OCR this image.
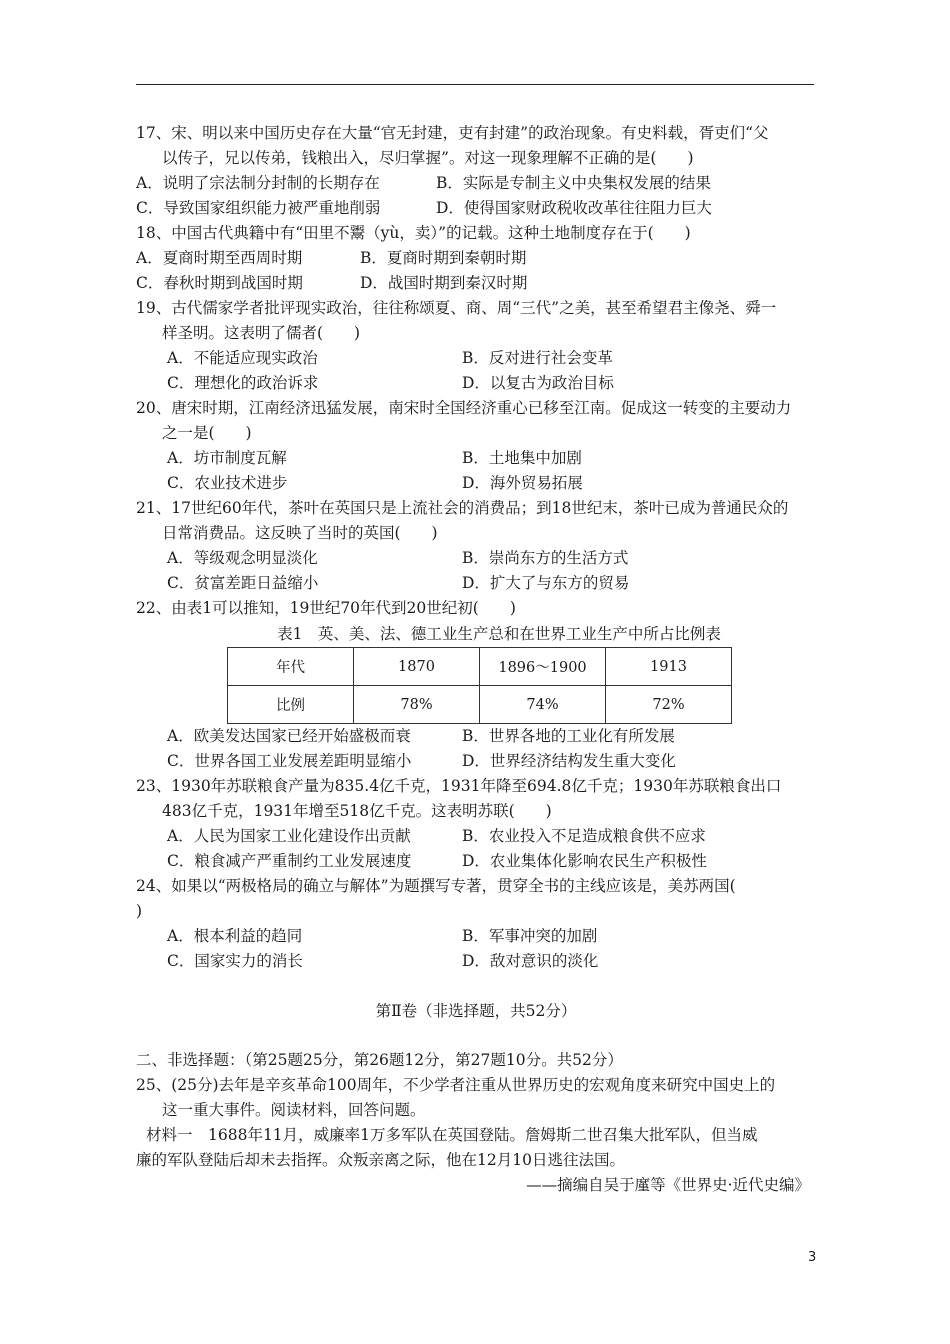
17、宋、明以来中国历史存在大量“官无封建，吏有封建”的政治现象。有史料载，胥吏们“父
以传子，兄以传弟，钱粮出入，尽归掌握”。对这一现象理解不正确的是(　　)
A．说明了宗法制分封制的长期存在	B．实际是专制主义中央集权发展的结果
C．导致国家组织能力被严重地削弱	D．使得国家财政税收改革往往阻力巨大
18、中国古代典籍中有“田里不鬻（yù，卖）”的记载。这种土地制度存在于(　　)
A．夏商时期至西周时期	B．夏商时期到秦朝时期
C．春秋时期到战国时期	D．战国时期到秦汉时期
19、古代儒家学者批评现实政治，往往称颂夏、商、周“三代”之美，甚至希望君主像尧、舜一
样圣明。这表明了儒者(　　)
A．不能适应现实政治	B．反对进行社会变革
C．理想化的政治诉求	D．以复古为政治目标
20、唐宋时期，江南经济迅猛发展，南宋时全国经济重心已移至江南。促成这一转变的主要动力
之一是(　　)
A．坊市制度瓦解	B．土地集中加剧
C．农业技术进步	D．海外贸易拓展
21、17世纪60年代，茶叶在英国只是上流社会的消费品；到18世纪末，茶叶已成为普通民众的
日常消费品。这反映了当时的英国(　　)
A．等级观念明显淡化	B．崇尚东方的生活方式
C．贫富差距日益缩小	D．扩大了与东方的贸易
22、由表1可以推知，19世纪70年代到20世纪初(　　)
表1　英、美、法、德工业生产总和在世界工业生产中所占比例表
年代	1870	1896～1900	1913
比例	78%	74%	72%
A．欧美发达国家已经开始盛极而衰	B．世界各地的工业化有所发展
C．世界各国工业发展差距明显缩小	D．世界经济结构发生重大变化
23、1930年苏联粮食产量为835.4亿千克，1931年降至694.8亿千克；1930年苏联粮食出口
483亿千克，1931年增至518亿千克。这表明苏联(　　)
A．人民为国家工业化建设作出贡献	B．农业投入不足造成粮食供不应求
C．粮食减产严重制约工业发展速度	D．农业集体化影响农民生产积极性
24、如果以“两极格局的确立与解体”为题撰写专著，贯穿全书的主线应该是，美苏两国(
)
A．根本利益的趋同	B．军事冲突的加剧
C．国家实力的消长	D．敌对意识的淡化
第Ⅱ卷（非选择题，共52分）
二、非选择题：（第25题25分，第26题12分，第27题10分。共52分）
25、(25分)去年是辛亥革命100周年，不少学者注重从世界历史的宏观角度来研究中国史上的
这一重大事件。阅读材料，回答问题。
材料一　1688年11月，威廉率1万多军队在英国登陆。詹姆斯二世召集大批军队，但当威
廉的军队登陆后却未去指挥。众叛亲离之际，他在12月10日逃往法国。
——摘编自吴于廑等《世界史·近代史编》
3
